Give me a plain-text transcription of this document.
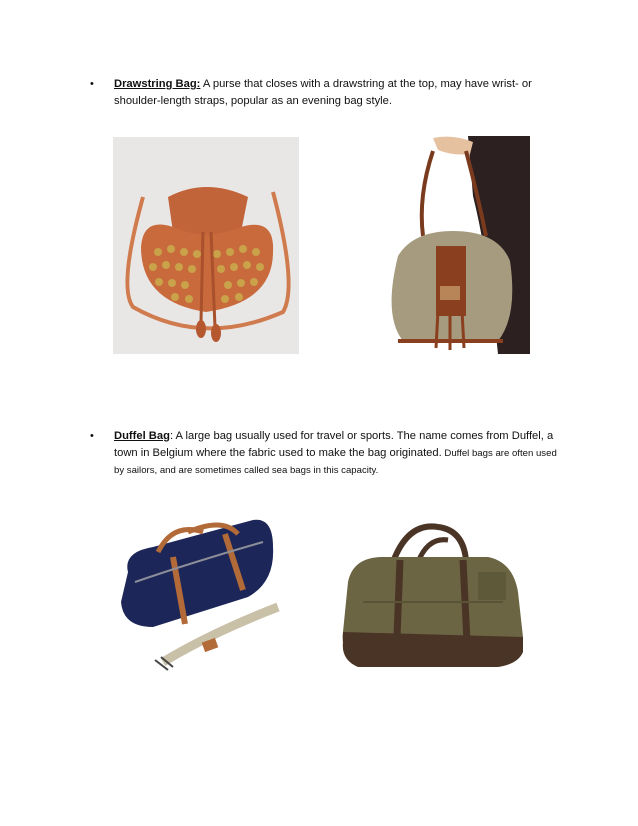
•	Drawstring Bag: A purse that closes with a drawstring at the top, may have wrist- or shoulder-length straps, popular as an evening bag style.
•	Duffel Bag: A large bag usually used for travel or sports. The name comes from Duffel, a town in Belgium where the fabric used to make the bag originated. Duffel bags are often used by sailors, and are sometimes called sea bags in this capacity.
